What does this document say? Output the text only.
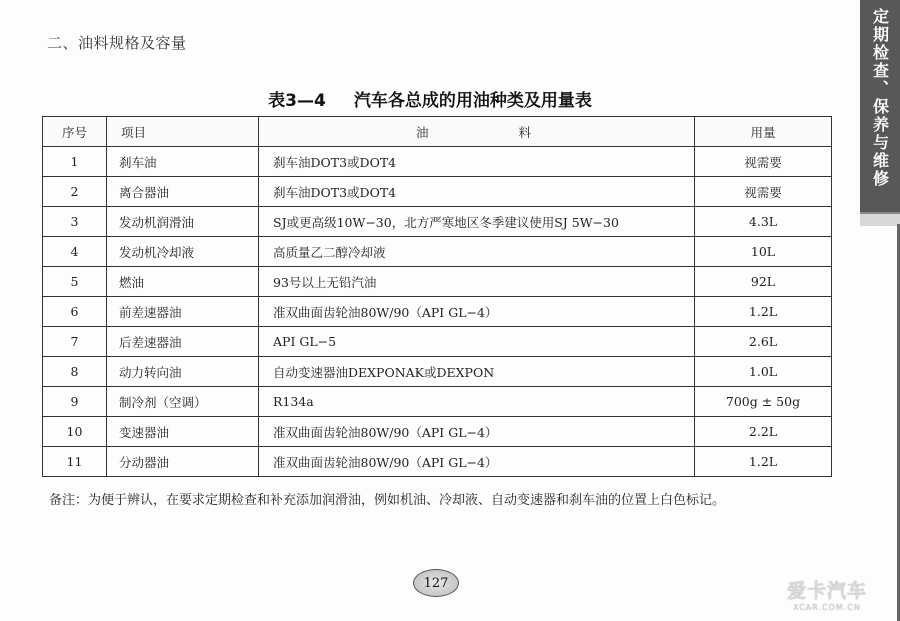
二、油料规格及容量	定期检查、保养与维修
表3—4 汽车各总成的用油种类及用量表
序号	项目	油料	用量
1	刹车油	刹车油DOT3或DOT4	视需要
2	离合器油	刹车油DOT3或DOT4	视需要
3	发动机润滑油	SJ或更高级10W−30，北方严寒地区冬季建议使用SJ 5W−30	4.3L
4	发动机冷却液	高质量乙二醇冷却液	10L
5	燃油	93号以上无铅汽油	92L
6	前差速器油	准双曲面齿轮油80W/90（API GL−4）	1.2L
7	后差速器油	API GL−5	2.6L
8	动力转向油	自动变速器油DEXPONAK或DEXPON	1.0L
9	制冷剂（空调）	R134a	700g ± 50g
10	变速器油	准双曲面齿轮油80W/90（API GL−4）	2.2L
11	分动器油	准双曲面齿轮油80W/90（API GL−4）	1.2L
备注：为便于辨认，在要求定期检查和补充添加润滑油，例如机油、冷却液、自动变速器和刹车油的位置上白色标记。
127	爱卡汽车
XCAR.COM.CN
